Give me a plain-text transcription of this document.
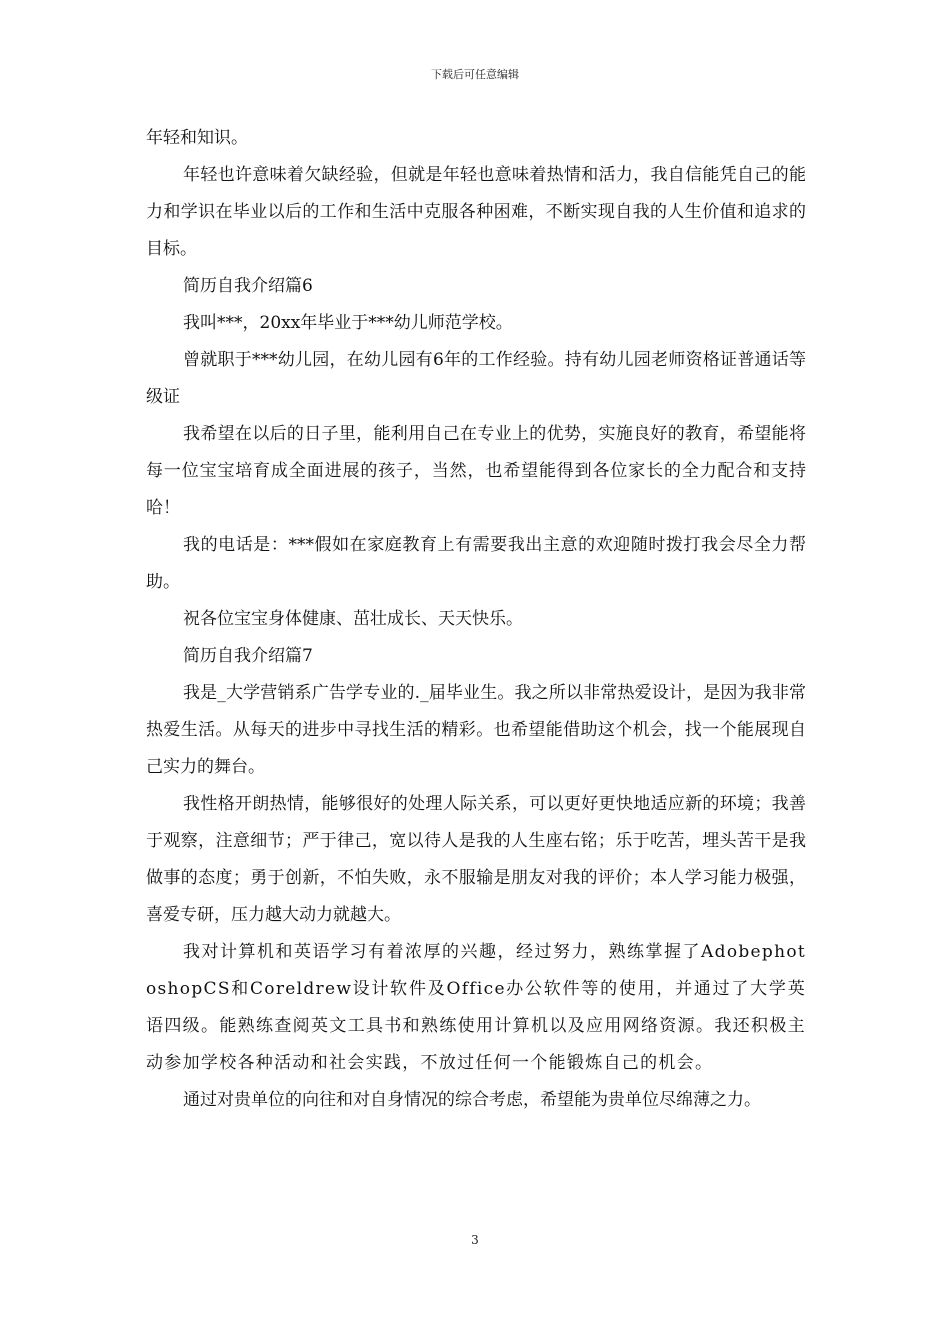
下载后可任意编辑

年轻和知识。

年轻也许意味着欠缺经验，但就是年轻也意味着热情和活力，我自信能凭自己的能力和学识在毕业以后的工作和生活中克服各种困难，不断实现自我的人生价值和追求的目标。

简历自我介绍篇6

我叫***，20xx年毕业于***幼儿师范学校。

曾就职于***幼儿园，在幼儿园有6年的工作经验。持有幼儿园老师资格证普通话等级证

我希望在以后的日子里，能利用自己在专业上的优势，实施良好的教育，希望能将每一位宝宝培育成全面进展的孩子，当然，也希望能得到各位家长的全力配合和支持哈！

我的电话是：***假如在家庭教育上有需要我出主意的欢迎随时拨打我会尽全力帮助。

祝各位宝宝身体健康、茁壮成长、天天快乐。

简历自我介绍篇7

我是_大学营销系广告学专业的._届毕业生。我之所以非常热爱设计，是因为我非常热爱生活。从每天的进步中寻找生活的精彩。也希望能借助这个机会，找一个能展现自己实力的舞台。

我性格开朗热情，能够很好的处理人际关系，可以更好更快地适应新的环境；我善于观察，注意细节；严于律己，宽以待人是我的人生座右铭；乐于吃苦，埋头苦干是我做事的态度；勇于创新，不怕失败，永不服输是朋友对我的评价；本人学习能力极强，喜爱专研，压力越大动力就越大。

我对计算机和英语学习有着浓厚的兴趣，经过努力，熟练掌握了AdobephotoshopCS和Coreldrew设计软件及Office办公软件等的使用，并通过了大学英语四级。能熟练查阅英文工具书和熟练使用计算机以及应用网络资源。我还积极主动参加学校各种活动和社会实践，不放过任何一个能锻炼自己的机会。

通过对贵单位的向往和对自身情况的综合考虑，希望能为贵单位尽绵薄之力。

3
